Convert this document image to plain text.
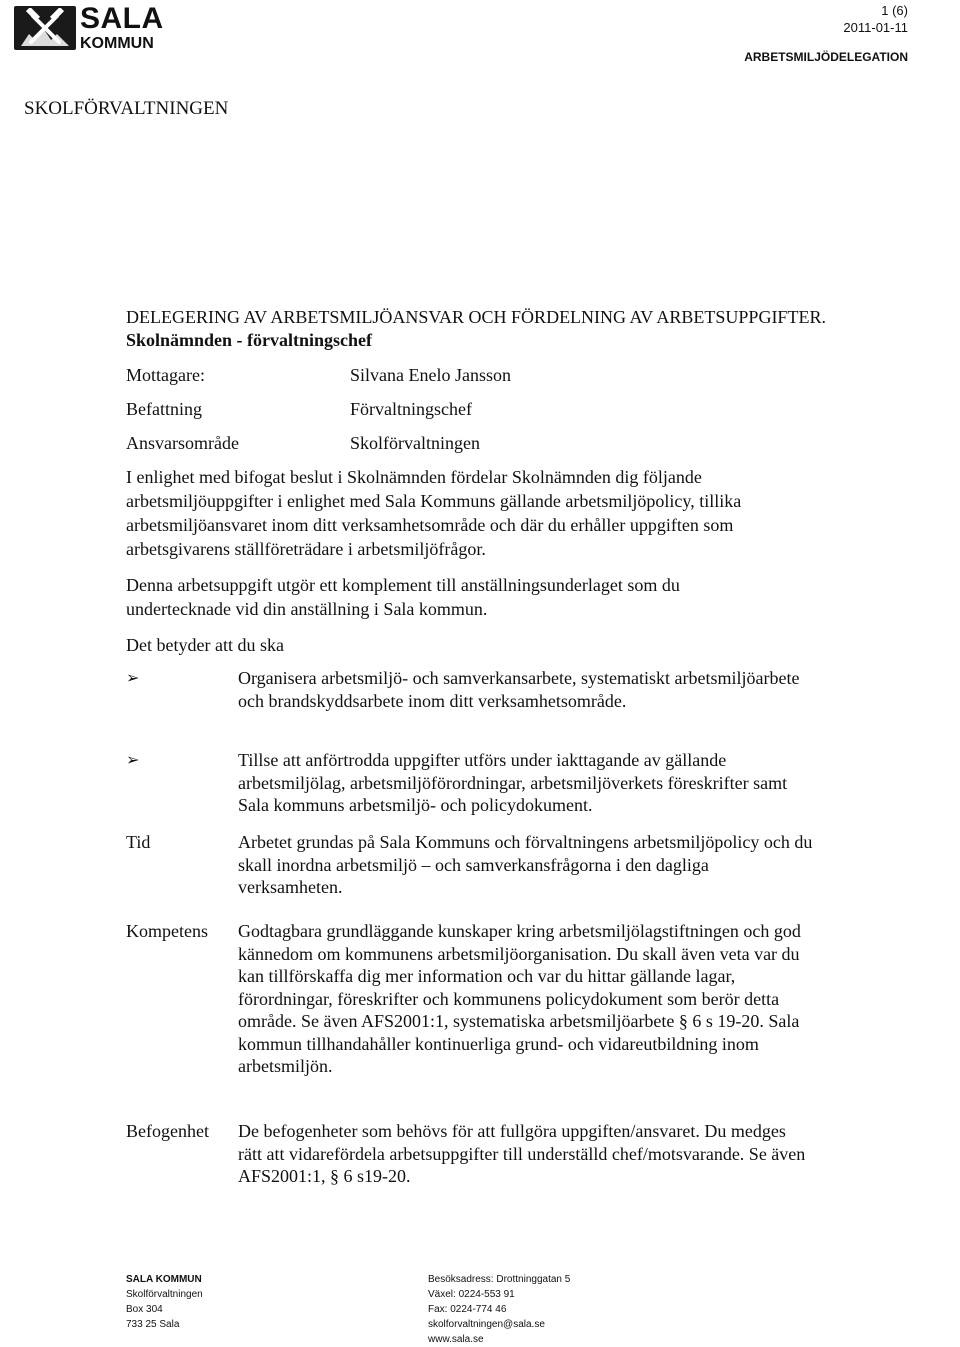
SALA
KOMMUN
1 (6)
2011-01-11
ARBETSMILJÖDELEGATION
SKOLFÖRVALTNINGEN
DELEGERING AV ARBETSMILJÖANSVAR OCH FÖRDELNING AV ARBETSUPPGIFTER.
Skolnämnden - förvaltningschef
Mottagare:	Silvana Enelo Jansson
Befattning	Förvaltningschef
Ansvarsområde	Skolförvaltningen

I enlighet med bifogat beslut i Skolnämnden fördelar Skolnämnden dig följande arbetsmiljöuppgifter i enlighet med Sala Kommuns gällande arbetsmiljöpolicy, tillika arbetsmiljöansvaret inom ditt verksamhetsområde och där du erhåller uppgiften som arbetsgivarens ställföreträdare i arbetsmiljöfrågor.

Denna arbetsuppgift utgör ett komplement till anställningsunderlaget som du undertecknade vid din anställning i Sala kommun.

Det betyder att du ska

➢	Organisera arbetsmiljö- och samverkansarbete, systematiskt arbetsmiljöarbete och brandskyddsarbete inom ditt verksamhetsområde.
➢	Tillse att anförtrodda uppgifter utförs under iakttagande av gällande arbetsmiljölag, arbetsmiljöförordningar, arbetsmiljöverkets föreskrifter samt Sala kommuns arbetsmiljö- och policydokument.
Tid	Arbetet grundas på Sala Kommuns och förvaltningens arbetsmiljöpolicy och du skall inordna arbetsmiljö – och samverkansfrågorna i den dagliga verksamheten.
Kompetens Godtagbara grundläggande kunskaper kring arbetsmiljölagstiftningen och god kännedom om kommunens arbetsmiljöorganisation. Du skall även veta var du kan tillförskaffa dig mer information och var du hittar gällande lagar, förordningar, föreskrifter och kommunens policydokument som berör detta område. Se även AFS2001:1, systematiska arbetsmiljöarbete § 6 s 19-20. Sala kommun tillhandahåller kontinuerliga grund- och vidareutbildning inom arbetsmiljön.
Befogenhet De befogenheter som behövs för att fullgöra uppgiften/ansvaret. Du medges rätt att vidarefördela arbetsuppgifter till underställd chef/motsvarande. Se även AFS2001:1, § 6 s19-20.
SALA KOMMUN
Skolförvaltningen
Box 304
733 25 Sala
Besöksadress: Drottninggatan 5
Växel: 0224-553 91
Fax: 0224-774 46
skolforvaltningen@sala.se
www.sala.se
